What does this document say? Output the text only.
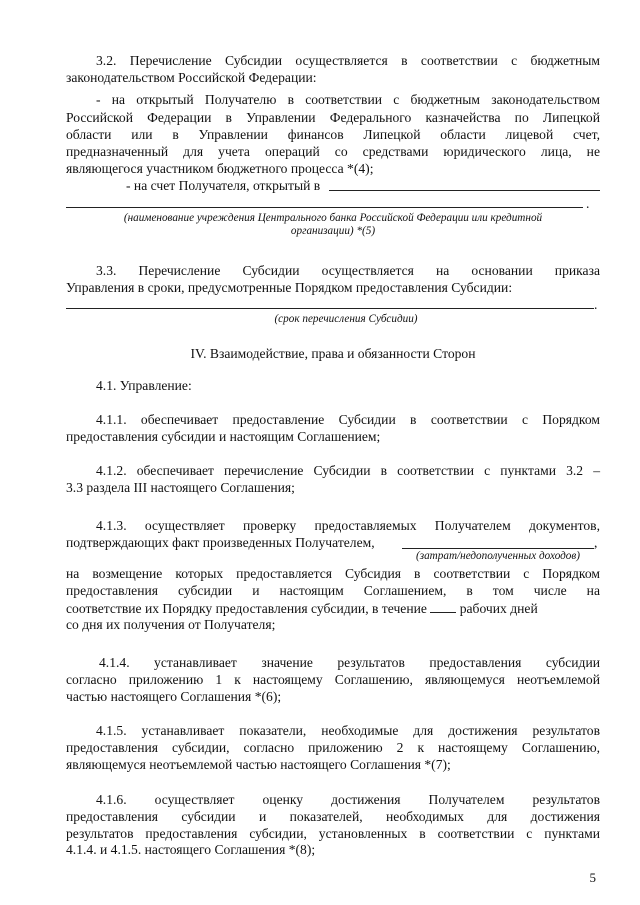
3.2. Перечисление Субсидии осуществляется в соответствии с бюджетным
законодательством Российской Федерации:
- на открытый Получателю в соответствии с бюджетным законодательством
Российской Федерации в Управлении Федерального казначейства по Липецкой
области или в Управлении финансов Липецкой области лицевой счет,
предназначенный для учета операций со средствами юридического лица, не
являющегося участником бюджетного процесса *(4);
- на счет Получателя, открытый в
.
(наименование учреждения Центрального банка Российской Федерации или кредитной
организации) *(5)
3.3. Перечисление Субсидии осуществляется на основании приказа
Управления в сроки, предусмотренные Порядком предоставления Субсидии:
.
(срок перечисления Субсидии)
IV. Взаимодействие, права и обязанности Сторон
4.1. Управление:
4.1.1. обеспечивает предоставление Субсидии в соответствии с Порядком
предоставления субсидии и настоящим Соглашением;
4.1.2. обеспечивает перечисление Субсидии в соответствии с пунктами 3.2 –
3.3 раздела III настоящего Соглашения;
4.1.3. осуществляет проверку предоставляемых Получателем документов,
подтверждающих факт произведенных Получателем,	,
(затрат/недополученных доходов)
на возмещение которых предоставляется Субсидия в соответствии с Порядком
предоставления субсидии и настоящим Соглашением, в том числе на
соответствие их Порядку предоставления субсидии, в течение рабочих дней
со дня их получения от Получателя;
4.1.4. устанавливает значение результатов предоставления субсидии
согласно приложению 1 к настоящему Соглашению, являющемуся неотъемлемой
частью настоящего Соглашения *(6);
4.1.5. устанавливает показатели, необходимые для достижения результатов
предоставления субсидии, согласно приложению 2 к настоящему Соглашению,
являющемуся неотъемлемой частью настоящего Соглашения *(7);
4.1.6. осуществляет оценку достижения Получателем результатов
предоставления субсидии и показателей, необходимых для достижения
результатов предоставления субсидии, установленных в соответствии с пунктами
4.1.4. и 4.1.5. настоящего Соглашения *(8);
5
